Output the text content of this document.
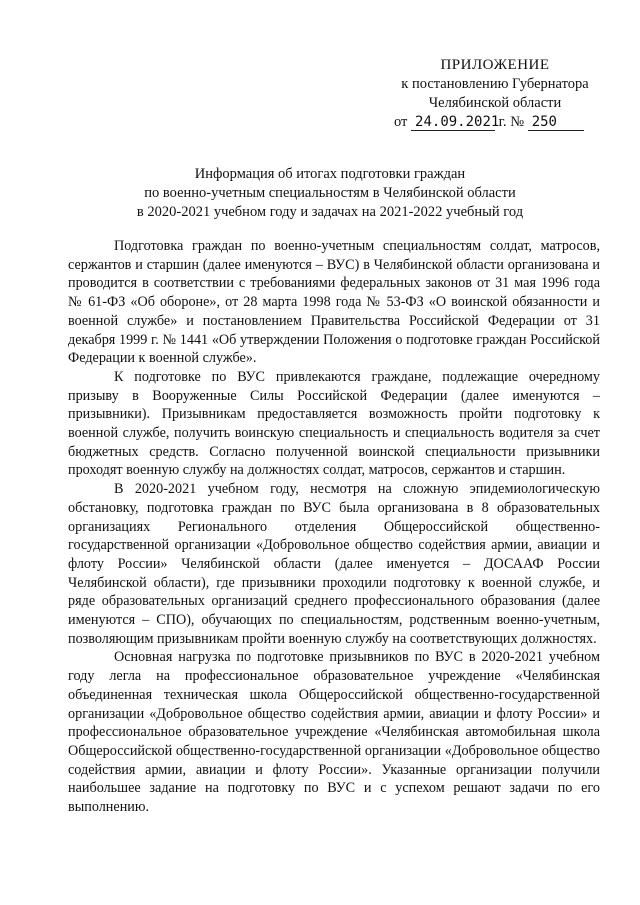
ПРИЛОЖЕНИЕ
к постановлению Губернатора
Челябинской области
от 24.09.2021 г. № 250
Информация об итогах подготовки граждан
по военно-учетным специальностям в Челябинской области
в 2020-2021 учебном году и задачах на 2021-2022 учебный год

Подготовка граждан по военно-учетным специальностям солдат, матросов, сержантов и старшин (далее именуются – ВУС) в Челябинской области организована и проводится в соответствии с требованиями федеральных законов от 31 мая 1996 года № 61-ФЗ «Об обороне», от 28 марта 1998 года № 53-ФЗ «О воинской обязанности и военной службе» и постановлением Правительства Российской Федерации от 31 декабря 1999 г. № 1441 «Об утверждении Положения о подготовке граждан Российской Федерации к военной службе».

К подготовке по ВУС привлекаются граждане, подлежащие очередному призыву в Вооруженные Силы Российской Федерации (далее именуются – призывники). Призывникам предоставляется возможность пройти подготовку к военной службе, получить воинскую специальность и специальность водителя за счет бюджетных средств. Согласно полученной воинской специальности призывники проходят военную службу на должностях солдат, матросов, сержантов и старшин.

В 2020-2021 учебном году, несмотря на сложную эпидемиологическую обстановку, подготовка граждан по ВУС была организована в 8 образовательных организациях Регионального отделения Общероссийской общественно-государственной организации «Добровольное общество содействия армии, авиации и флоту России» Челябинской области (далее именуется – ДОСААФ России Челябинской области), где призывники проходили подготовку к военной службе, и ряде образовательных организаций среднего профессионального образования (далее именуются – СПО), обучающих по специальностям, родственным военно-учетным, позволяющим призывникам пройти военную службу на соответствующих должностях.

Основная нагрузка по подготовке призывников по ВУС в 2020-2021 учебном году легла на профессиональное образовательное учреждение «Челябинская объединенная техническая школа Общероссийской общественно-государственной организации «Добровольное общество содействия армии, авиации и флоту России» и профессиональное образовательное учреждение «Челябинская автомобильная школа Общероссийской общественно-государственной организации «Добровольное общество содействия армии, авиации и флоту России». Указанные организации получили наибольшее задание на подготовку по ВУС и с успехом решают задачи по его выполнению.
